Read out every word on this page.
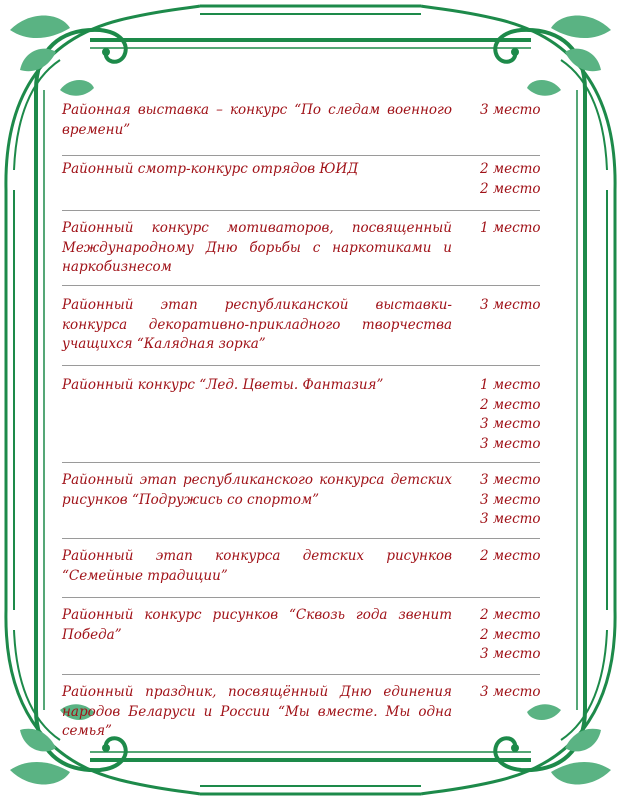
Районная выставка – конкурс “По следам военного времени”
3 место
Районный смотр-конкурс отрядов ЮИД	2 место
2 место
Районный конкурс мотиваторов, посвященный Международному Дню борьбы с наркотиками и наркобизнесом
1 место
Районный этап республиканской выставки- конкурса декоративно-прикладного творчества учащихся “Калядная зорка”
3 место
Районный конкурс “Лед. Цветы. Фантазия”	1 место
2 место
3 место
3 место
Районный этап республиканского конкурса детских рисунков “Подружись со спортом”
3 место
3 место
3 место
Районный этап конкурса детских рисунков “Семейные традиции”
2 место
Районный конкурс рисунков “Сквозь года звенит Победа”
2 место
2 место
3 место
Районный праздник, посвящённый Дню единения народов Беларуси и России “Мы вместе. Мы одна семья”
3 место
